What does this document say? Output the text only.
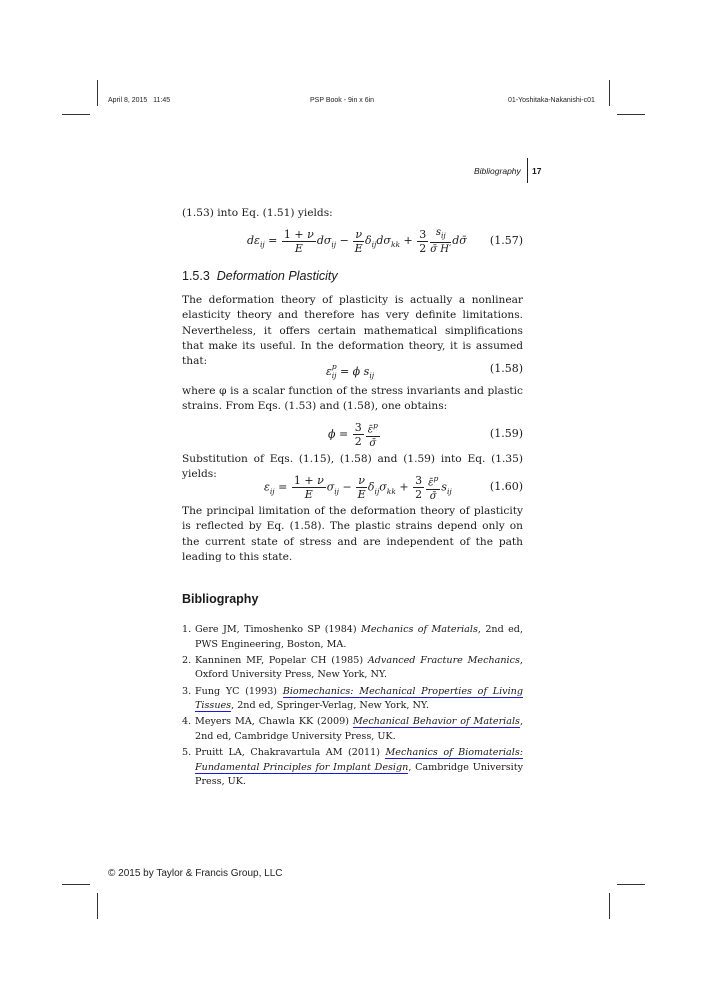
April 8, 2015 11:45	PSP Book - 9in x 6in	01-Yoshitaka-Nakanishi-c01
Bibliography 17

(1.53) into Eq. (1.51) yields:

$d\varepsilon_{ij} = \frac{1 + \nu}{E} d\sigma_{ij} - \frac{\nu}{E} \delta_{ij}d\sigma_{kk} + \frac{3}{2} \frac{s_{ij}}{\sigmā H'}$ dσ̄	(1.57)
1.5.3 Deformation Plasticity

The deformation theory of plasticity is actually a nonlinear elasticity theory and therefore has very definite limitations. Nevertheless, it offers certain mathematical simplifications that make its useful. In the deformation theory, it is assumed that:

$\varepsilon^p_{ij} = \phi$ $s_{ij}$
(1.58)

where φ is a scalar function of the stress invariants and plastic strains. From Eqs. (1.53) and (1.58), one obtains:

$\phi = \frac{3}{2} \frac{\varepsilon̄^p}{\sigmā}$	(1.59)

Substitution of Eqs. (1.15), (1.58) and (1.59) into Eq. (1.35) yields:

$\varepsilon_{ij} = \frac{1 + \nu}{E} \sigma_{ij} - \frac{\nu}{E} \delta_{ij}\sigma_{kk} + \frac{3}{2} \frac{\varepsilon̄^p}{\sigmā} s_{ij}$	(1.60)

The principal limitation of the deformation theory of plasticity is reflected by Eq. (1.58). The plastic strains depend only on the current state of stress and are independent of the path leading to this state.

Bibliography
1. Gere JM, Timoshenko SP (1984) Mechanics of Materials, 2nd ed, PWS Engineering, Boston, MA.
2. Kanninen MF, Popelar CH (1985) Advanced Fracture Mechanics, Oxford University Press, New York, NY.
3. Fung YC (1993) Biomechanics: Mechanical Properties of Living Tissues, 2nd ed, Springer-Verlag, New York, NY.
4. Meyers MA, Chawla KK (2009) Mechanical Behavior of Materials, 2nd ed, Cambridge University Press, UK.
5. Pruitt LA, Chakravartula AM (2011) Mechanics of Biomaterials: Fundamental Principles for Implant Design, Cambridge University Press, UK.
© 2015 by Taylor & Francis Group, LLC
